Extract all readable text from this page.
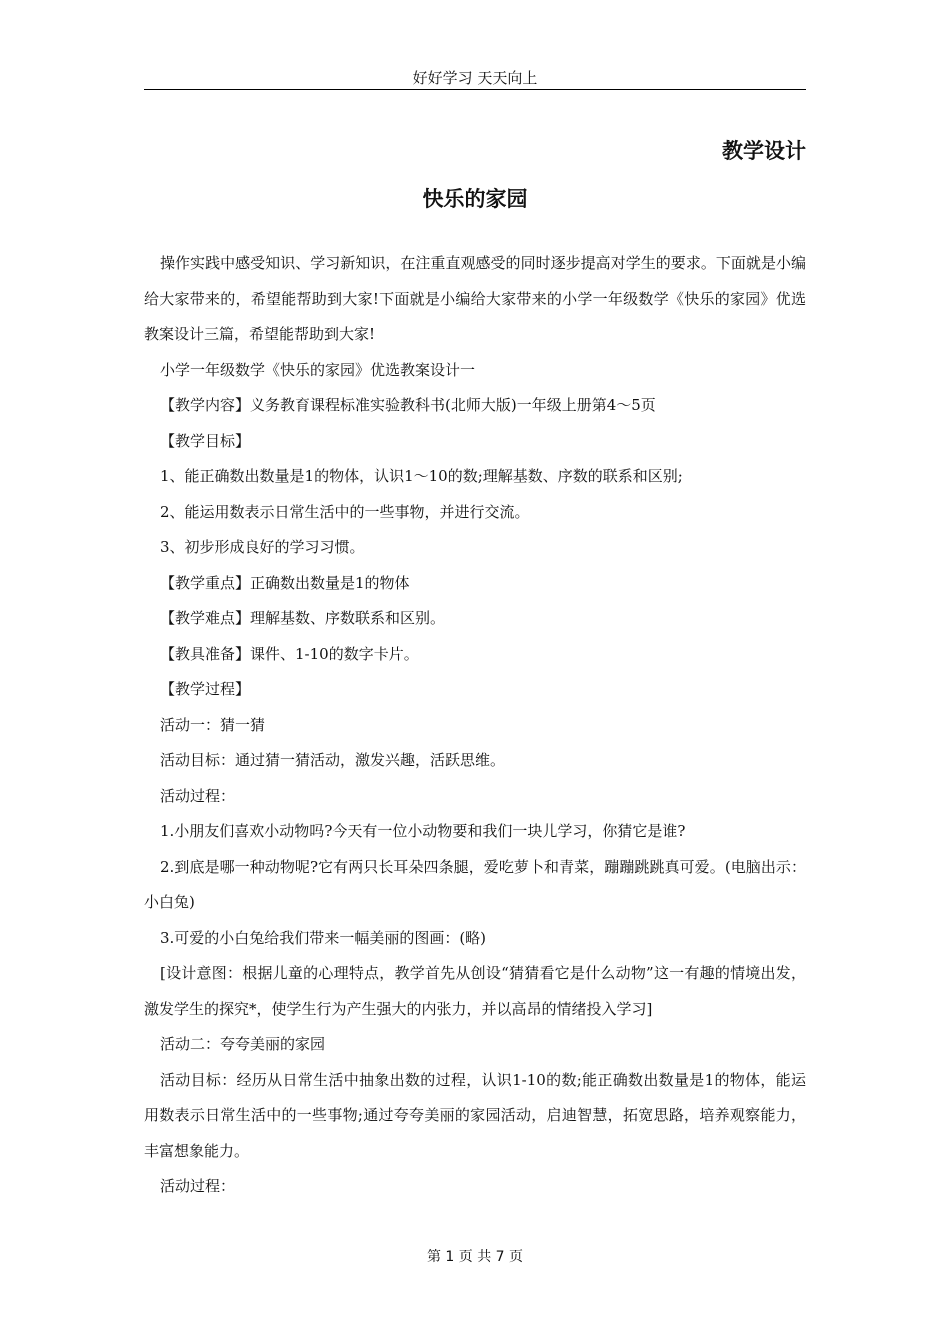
好好学习 天天向上
教学设计
快乐的家园

操作实践中感受知识、学习新知识，在注重直观感受的同时逐步提高对学生的要求。下面就是小编给大家带来的，希望能帮助到大家!下面就是小编给大家带来的小学一年级数学《快乐的家园》优选教案设计三篇，希望能帮助到大家!

小学一年级数学《快乐的家园》优选教案设计一

【教学内容】义务教育课程标准实验教科书(北师大版)一年级上册第4～5页

【教学目标】

1、能正确数出数量是1的物体，认识1～10的数;理解基数、序数的联系和区别;

2、能运用数表示日常生活中的一些事物，并进行交流。

3、初步形成良好的学习习惯。

【教学重点】正确数出数量是1的物体

【教学难点】理解基数、序数联系和区别。

【教具准备】课件、1-10的数字卡片。

【教学过程】

活动一：猜一猜

活动目标：通过猜一猜活动，激发兴趣，活跃思维。

活动过程：

1.小朋友们喜欢小动物吗?今天有一位小动物要和我们一块儿学习，你猜它是谁?

2.到底是哪一种动物呢?它有两只长耳朵四条腿，爱吃萝卜和青菜，蹦蹦跳跳真可爱。(电脑出示：小白兔)

3.可爱的小白兔给我们带来一幅美丽的图画：(略)

[设计意图：根据儿童的心理特点，教学首先从创设“猜猜看它是什么动物”这一有趣的情境出发，激发学生的探究*，使学生行为产生强大的内张力，并以高昂的情绪投入学习]

活动二：夸夸美丽的家园

活动目标：经历从日常生活中抽象出数的过程，认识1-10的数;能正确数出数量是1的物体，能运用数表示日常生活中的一些事物;通过夸夸美丽的家园活动，启迪智慧，拓宽思路，培养观察能力，丰富想象能力。

活动过程：

第 1 页 共 7 页
